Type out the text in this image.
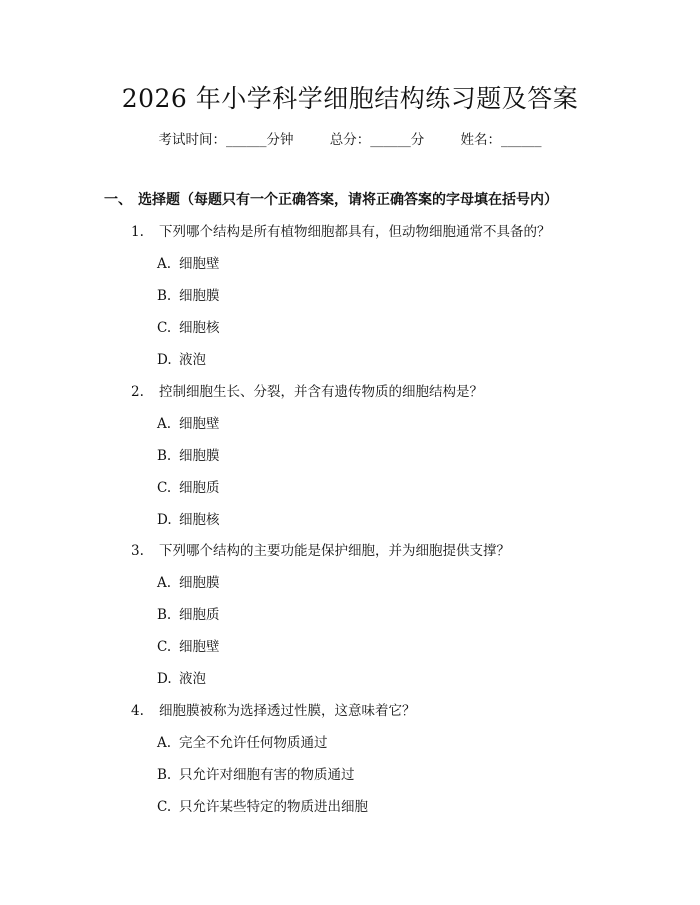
2026 年小学科学细胞结构练习题及答案
考试时间：______分钟	总分：______分	姓名：______
一、 选择题（每题只有一个正确答案，请将正确答案的字母填在括号内）
1. 下列哪个结构是所有植物细胞都具有，但动物细胞通常不具备的？
A. 细胞壁
B. 细胞膜
C. 细胞核
D. 液泡
2. 控制细胞生长、分裂，并含有遗传物质的细胞结构是？
A. 细胞壁
B. 细胞膜
C. 细胞质
D. 细胞核
3. 下列哪个结构的主要功能是保护细胞，并为细胞提供支撑？
A. 细胞膜
B. 细胞质
C. 细胞壁
D. 液泡
4. 细胞膜被称为选择透过性膜，这意味着它？
A. 完全不允许任何物质通过
B. 只允许对细胞有害的物质通过
C. 只允许某些特定的物质进出细胞
